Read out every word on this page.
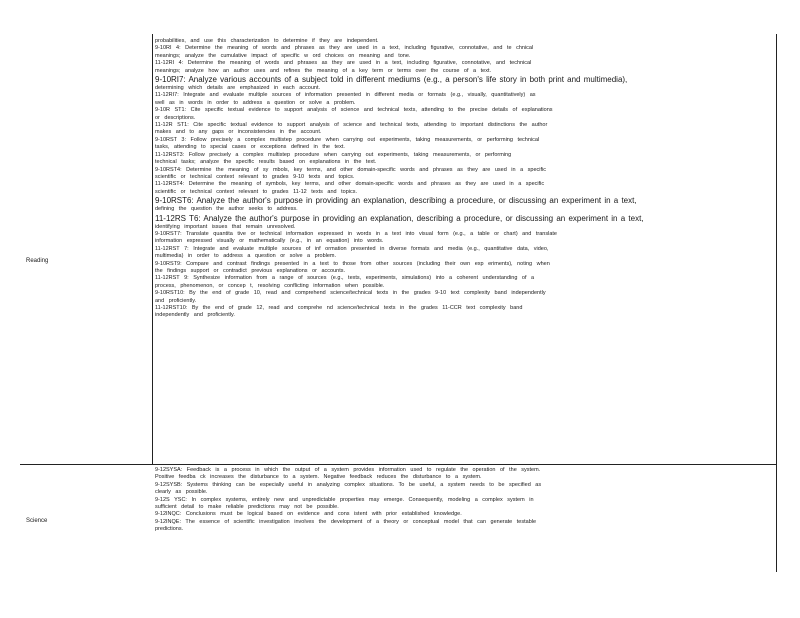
Reading
probabilities, and use this characterization to determine if they are independent.
9-10RI 4: Determine the meaning of words and phrases as they are used in a text, including figurative, connotative, and te chnical
meanings; analyze the cumulative impact of specific w ord choices on meaning and tone.
11-12RI 4: Determine the meaning of words and phrases as they are used in a text, including figurative, connotative, and technical
meanings; analyze how an author uses and refines the meaning of a key term or terms over the course of a text.
9-10RI7: Analyze various accounts of a subject told in different mediums (e.g., a person's life story in both print and multimedia),
determining which details are emphasized in each account.
11-12RI7: Integrate and evaluate multiple sources of information presented in different media or formats (e.g., visually, quantitatively) as
well as in words in order to address a question or solve a problem.
9-10R ST1: Cite specific textual evidence to support analysis of science and technical texts, attending to the precise details of explanations
or descriptions.
11-12R ST1: Cite specific textual evidence to support analysis of science and technical texts, attending to important distinctions the author
makes and to any gaps or inconsistencies in the account.
9-10RST 3: Follow precisely a complex multistep procedure when carrying out experiments, taking measurements, or performing technical
tasks, attending to special cases or exceptions defined in the text.
11-12RST3: Follow precisely a complex multistep procedure when carrying out experiments, taking measurements, or performing
technical tasks; analyze the specific results based on explanations in the text.
9-10RST4: Determine the meaning of sy mbols, key terms, and other domain-specific words and phrases as they are used in a specific
scientific or technical context relevant to grades 9-10 texts and topics.
11-12RST4: Determine the meaning of symbols, key terms, and other domain-specific words and phrases as they are used in a specific
scientific or technical context relevant to grades 11-12 texts and topics.
9-10RST6: Analyze the author's purpose in providing an explanation, describing a procedure, or discussing an experiment in a text,
defining the question the author seeks to address.
11-12RS T6: Analyze the author's purpose in providing an explanation, describing a procedure, or discussing an experiment in a text,
identifying important issues that remain unresolved.
9-10RST7: Translate quantita tive or technical information expressed in words in a text into visual form (e.g., a table or chart) and translate
information expressed visually or mathematically (e.g., in an equation) into words.
11-12RST 7: Integrate and evaluate multiple sources of inf ormation presented in diverse formats and media (e.g., quantitative data, video,
multimedia) in order to address a question or solve a problem.
9-10RST9: Compare and contrast findings presented in a text to those from other sources (including their own exp eriments), noting when
the findings support or contradict previous explanations or accounts.
11-12RST 9: Synthesize information from a range of sources (e.g., texts, experiments, simulations) into a coherent understanding of a
process, phenomenon, or concep t, resolving conflicting information when possible.
9-10RST10: By the end of grade 10, read and comprehend science/technical texts in the grades 9-10 text complexity band independently
and proficiently.
11-12RST10: By the end of grade 12, read and comprehe nd science/technical texts in the grades 11-CCR text complexity band
independently and proficiently.
Science
9-12SYSA: Feedback is a process in which the output of a system provides information used to regulate the operation of the system.
Positive feedba ck increases the disturbance to a system. Negative feedback reduces the disturbance to a system.
9-12SYSB: Systems thinking can be especially useful in analyzing complex situations. To be useful, a system needs to be specified as
clearly as possible.
9-12S YSC: In complex systems, entirely new and unpredictable properties may emerge. Consequently, modeling a complex system in
sufficient detail to make reliable predictions may not be possible.
9-12INQC: Conclusions must be logical based on evidence and cons istent with prior established knowledge.
9-12INQE: The essence of scientific investigation involves the development of a theory or conceptual model that can generate testable
predictions.
